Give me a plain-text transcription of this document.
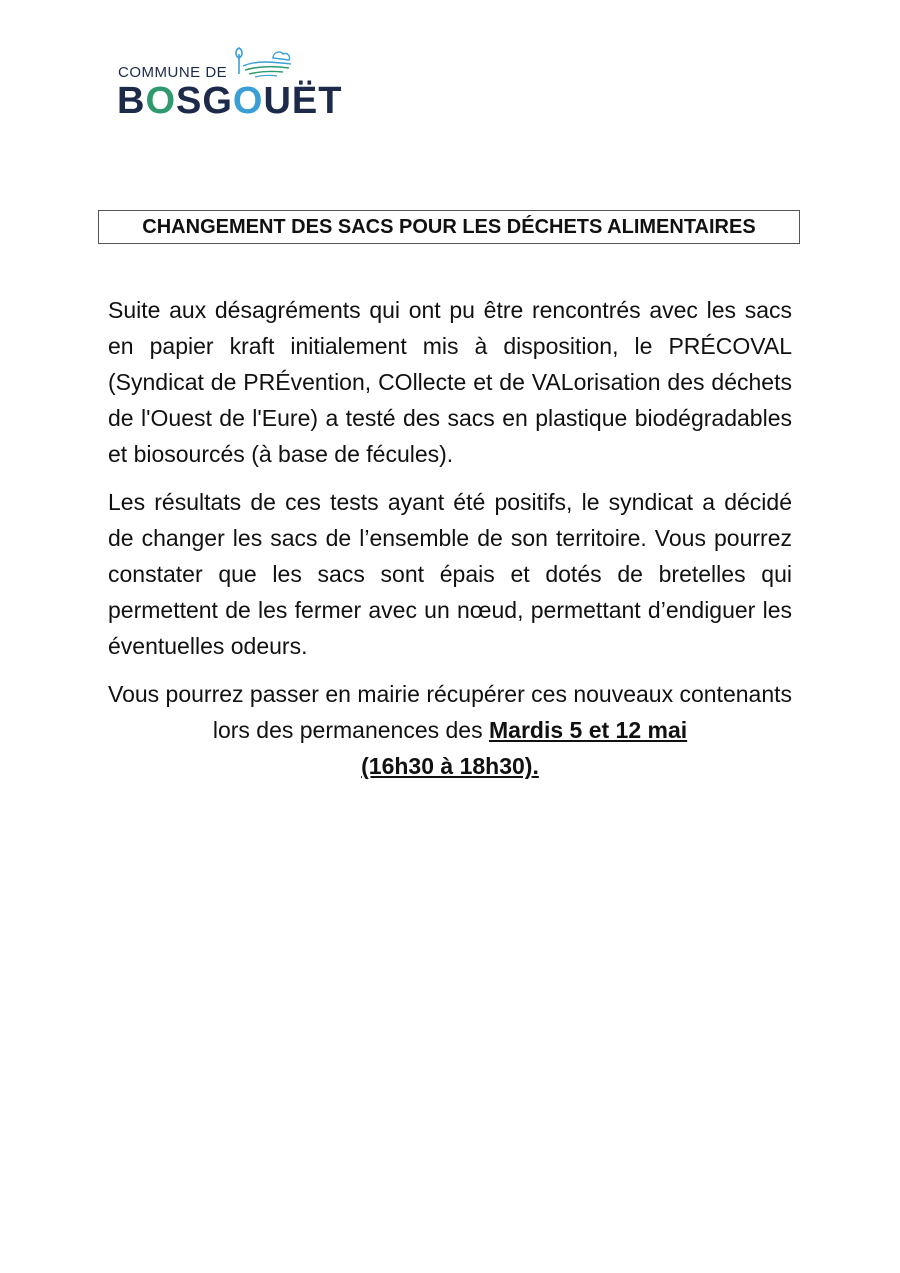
COMMUNE DE
BOSGOUËT
CHANGEMENT DES SACS POUR LES DÉCHETS ALIMENTAIRES

Suite aux désagréments qui ont pu être rencontrés avec les sacs en papier kraft initialement mis à disposition, le PRÉCOVAL (Syndicat de PRÉvention, COllecte et de VALorisation des déchets de l'Ouest de l'Eure) a testé des sacs en plastique biodégradables et biosourcés (à base de fécules).

Les résultats de ces tests ayant été positifs, le syndicat a décidé de changer les sacs de l’ensemble de son territoire. Vous pourrez constater que les sacs sont épais et dotés de bretelles qui permettent de les fermer avec un nœud, permettant d’endiguer les éventuelles odeurs.

Vous pourrez passer en mairie récupérer ces nouveaux contenants lors des permanences des Mardis 5 et 12 mai
(16h30 à 18h30).
